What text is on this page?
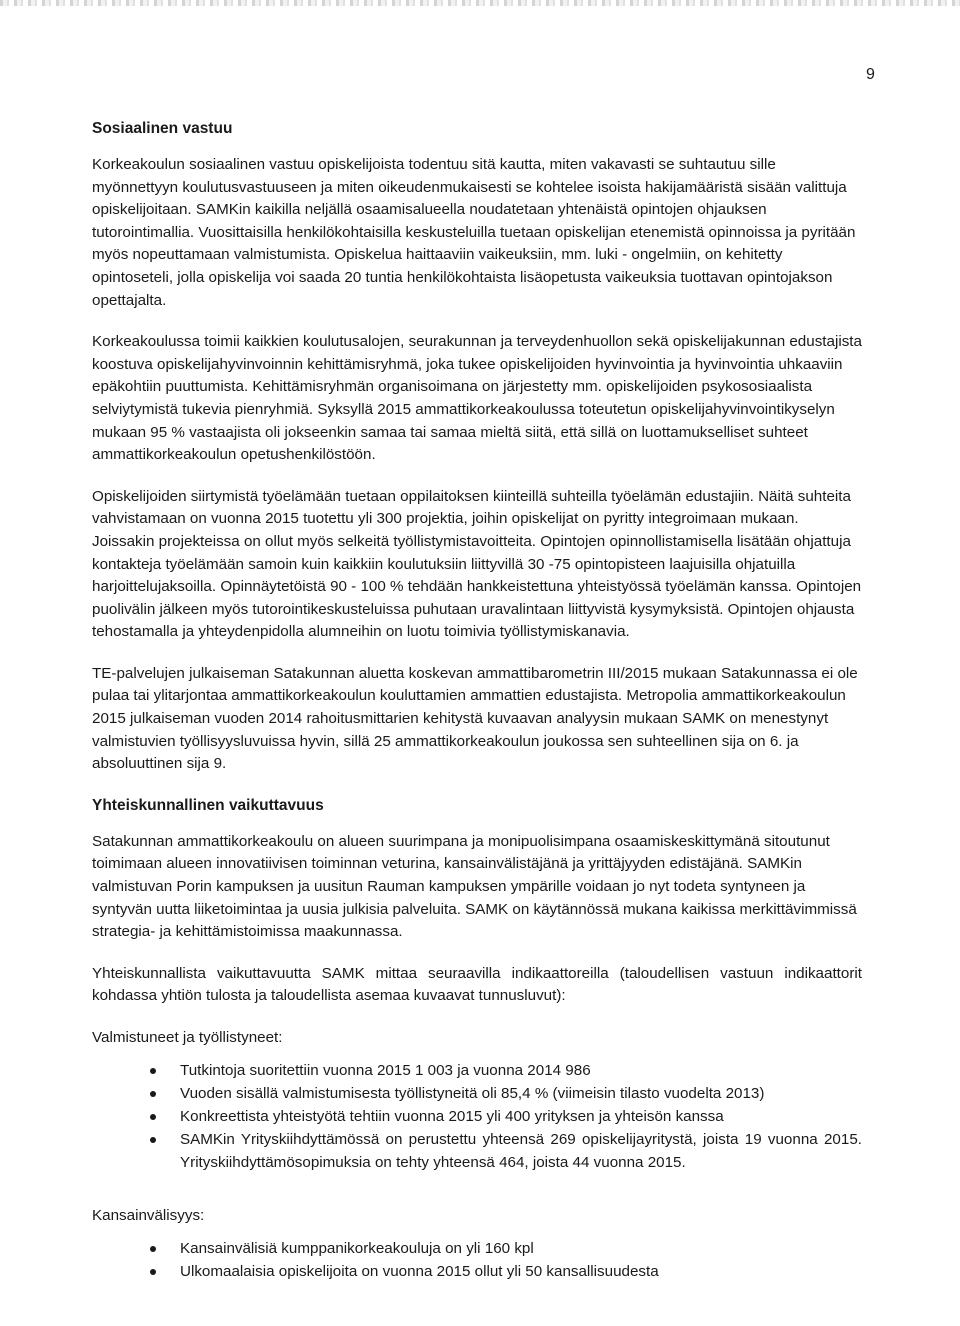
9
Sosiaalinen vastuu

Korkeakoulun sosiaalinen vastuu opiskelijoista todentuu sitä kautta, miten vakavasti se suhtautuu sille myönnettyyn koulutusvastuuseen ja miten oikeudenmukaisesti se kohtelee isoista hakijamääristä sisään valittuja opiskelijoitaan. SAMKin kaikilla neljällä osaamisalueella noudatetaan yhtenäistä opintojen ohjauksen tutorointimallia. Vuosittaisilla henkilökohtaisilla keskusteluilla tuetaan opiskelijan etenemistä opinnoissa ja pyritään myös nopeuttamaan valmistumista. Opiskelua haittaaviin vaikeuksiin, mm. luki - ongelmiin, on kehitetty opintoseteli, jolla opiskelija voi saada 20 tuntia henkilökohtaista lisäopetusta vaikeuksia tuottavan opintojakson opettajalta.

Korkeakoulussa toimii kaikkien koulutusalojen, seurakunnan ja terveydenhuollon sekä opiskelijakunnan edustajista koostuva opiskelijahyvinvoinnin kehittämisryhmä, joka tukee opiskelijoiden hyvinvointia ja hyvinvointia uhkaaviin epäkohtiin puuttumista. Kehittämisryhmän organisoimana on järjestetty mm. opiskelijoiden psykososiaalista selviytymistä tukevia pienryhmiä. Syksyllä 2015 ammattikorkeakoulussa toteutetun opiskelijahyvinvointikyselyn mukaan 95 % vastaajista oli jokseenkin samaa tai samaa mieltä siitä, että sillä on luottamukselliset suhteet ammattikorkeakoulun opetushenkilöstöön.

Opiskelijoiden siirtymistä työelämään tuetaan oppilaitoksen kiinteillä suhteilla työelämän edustajiin. Näitä suhteita vahvistamaan on vuonna 2015 tuotettu yli 300 projektia, joihin opiskelijat on pyritty integroimaan mukaan. Joissakin projekteissa on ollut myös selkeitä työllistymistavoitteita. Opintojen opinnollistamisella lisätään ohjattuja kontakteja työelämään samoin kuin kaikkiin koulutuksiin liittyvillä 30 -75 opintopisteen laajuisilla ohjatuilla harjoittelujaksoilla. Opinnäytetöistä 90 - 100 % tehdään hankkeistettuna yhteistyössä työelämän kanssa. Opintojen puolivälin jälkeen myös tutorointikeskusteluissa puhutaan uravalintaan liittyvistä kysymyksistä. Opintojen ohjausta tehostamalla ja yhteydenpidolla alumneihin on luotu toimivia työllistymiskanavia.

TE-palvelujen julkaiseman Satakunnan aluetta koskevan ammattibarometrin III/2015 mukaan Satakunnassa ei ole pulaa tai ylitarjontaa ammattikorkeakoulun kouluttamien ammattien edustajista. Metropolia ammattikorkeakoulun 2015 julkaiseman vuoden 2014 rahoitusmittarien kehitystä kuvaavan analyysin mukaan SAMK on menestynyt valmistuvien työllisyysluvuissa hyvin, sillä 25 ammattikorkeakoulun joukossa sen suhteellinen sija on 6. ja absoluuttinen sija 9.

Yhteiskunnallinen vaikuttavuus

Satakunnan ammattikorkeakoulu on alueen suurimpana ja monipuolisimpana osaamiskeskittymänä sitoutunut toimimaan alueen innovatiivisen toiminnan veturina, kansainvälistäjänä ja yrittäjyyden edistäjänä. SAMKin valmistuvan Porin kampuksen ja uusitun Rauman kampuksen ympärille voidaan jo nyt todeta syntyneen ja syntyvän uutta liiketoimintaa ja uusia julkisia palveluita. SAMK on käytännössä mukana kaikissa merkittävimmissä strategia- ja kehittämistoimissa maakunnassa.

Yhteiskunnallista vaikuttavuutta SAMK mittaa seuraavilla indikaattoreilla (taloudellisen vastuun indikaattorit kohdassa yhtiön tulosta ja taloudellista asemaa kuvaavat tunnusluvut):

Valmistuneet ja työllistyneet:
Tutkintoja suoritettiin vuonna 2015 1 003 ja vuonna 2014 986
Vuoden sisällä valmistumisesta työllistyneitä oli 85,4 % (viimeisin tilasto vuodelta 2013)
Konkreettista yhteistyötä tehtiin vuonna 2015 yli 400 yrityksen ja yhteisön kanssa
SAMKin Yrityskiihdyttämössä on perustettu yhteensä 269 opiskelijayritystä, joista 19 vuonna 2015. Yrityskiihdyttämösopimuksia on tehty yhteensä 464, joista 44 vuonna 2015.
Kansainvälisyys:
Kansainvälisiä kumppanikorkeakouluja on yli 160 kpl
Ulkomaalaisia opiskelijoita on vuonna 2015 ollut yli 50 kansallisuudesta
